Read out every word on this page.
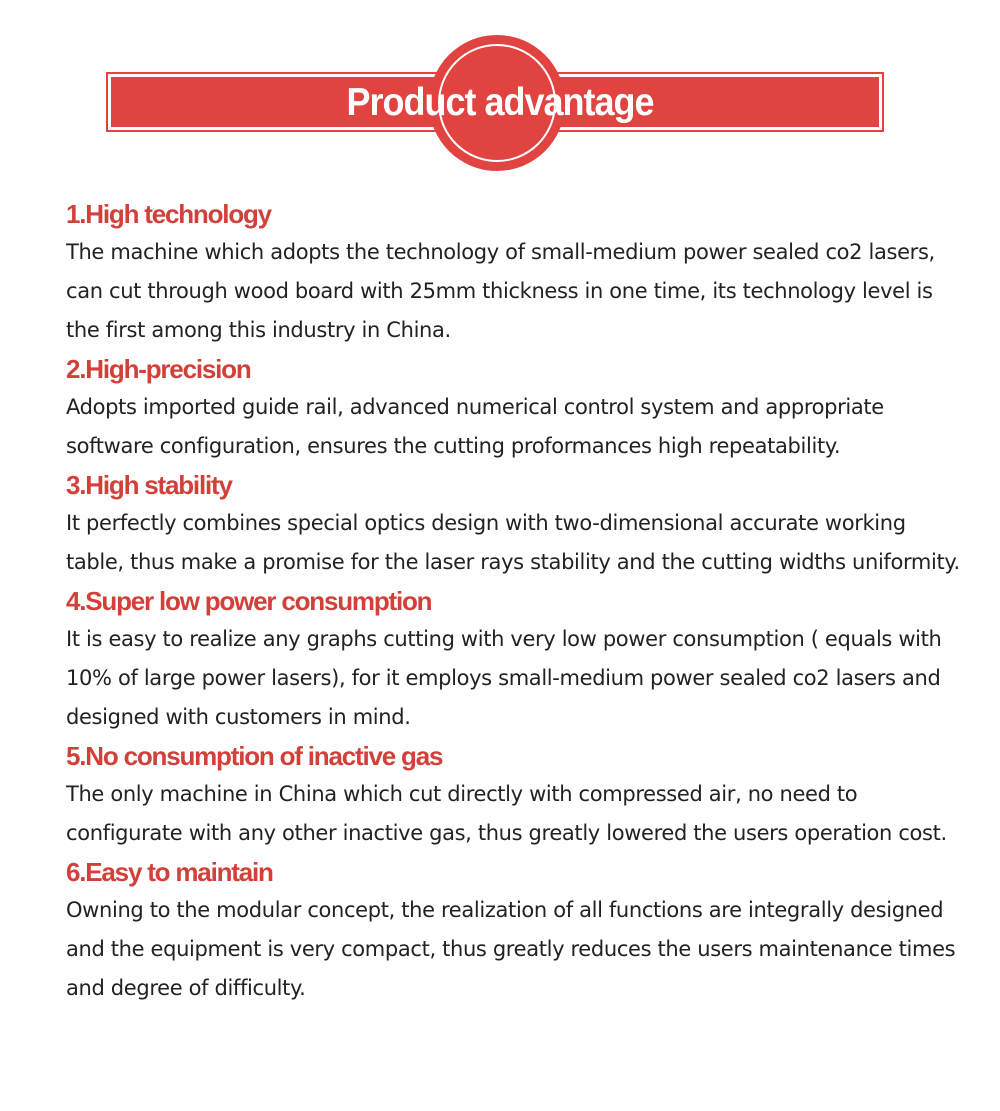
Product advantage
1.High technology

The machine which adopts the technology of small-medium power sealed co2 lasers, can cut through wood board with 25mm thickness in one time, its technology level is the first among this industry in China.

2.High-precision

Adopts imported guide rail, advanced numerical control system and appropriate software configuration, ensures the cutting proformances high repeatability.

3.High stability

It perfectly combines special optics design with two-dimensional accurate working table, thus make a promise for the laser rays stability and the cutting widths uniformity.

4.Super low power consumption

It is easy to realize any graphs cutting with very low power consumption ( equals with 10% of large power lasers), for it employs small-medium power sealed co2 lasers and designed with customers in mind.

5.No consumption of inactive gas

The only machine in China which cut directly with compressed air, no need to configurate with any other inactive gas, thus greatly lowered the users operation cost.

6.Easy to maintain

Owning to the modular concept, the realization of all functions are integrally designed and the equipment is very compact, thus greatly reduces the users maintenance times and degree of difficulty.
